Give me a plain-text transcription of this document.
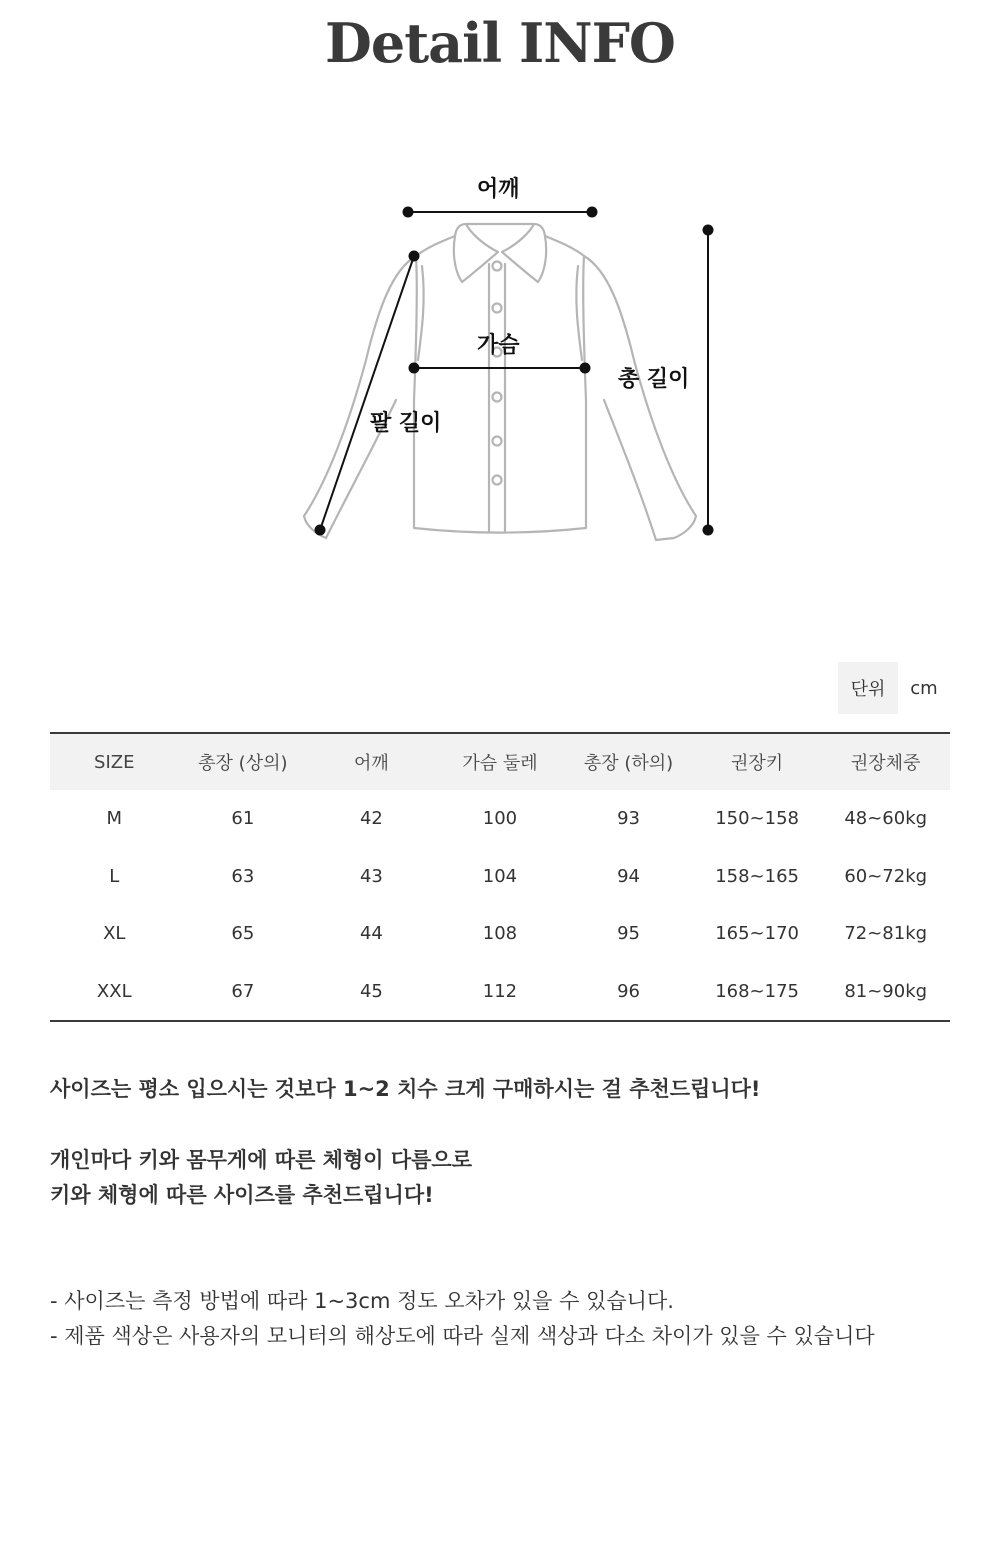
Detail INFO
어깨
가슴
총 길이
팔 길이
단위	cm
SIZE	총장 (상의)	어깨	가슴 둘레	총장 (하의)	권장키	권장체중
M	61	42	100	93	150~158	48~60kg
L	63	43	104	94	158~165	60~72kg
XL	65	44	108	95	165~170	72~81kg
XXL	67	45	112	96	168~175	81~90kg
사이즈는 평소 입으시는 것보다 1~2 치수 크게 구매하시는 걸 추천드립니다!
개인마다 키와 몸무게에 따른 체형이 다름으로
키와 체형에 따른 사이즈를 추천드립니다!
- 사이즈는 측정 방법에 따라 1~3cm 정도 오차가 있을 수 있습니다.
- 제품 색상은 사용자의 모니터의 해상도에 따라 실제 색상과 다소 차이가 있을 수 있습니다
